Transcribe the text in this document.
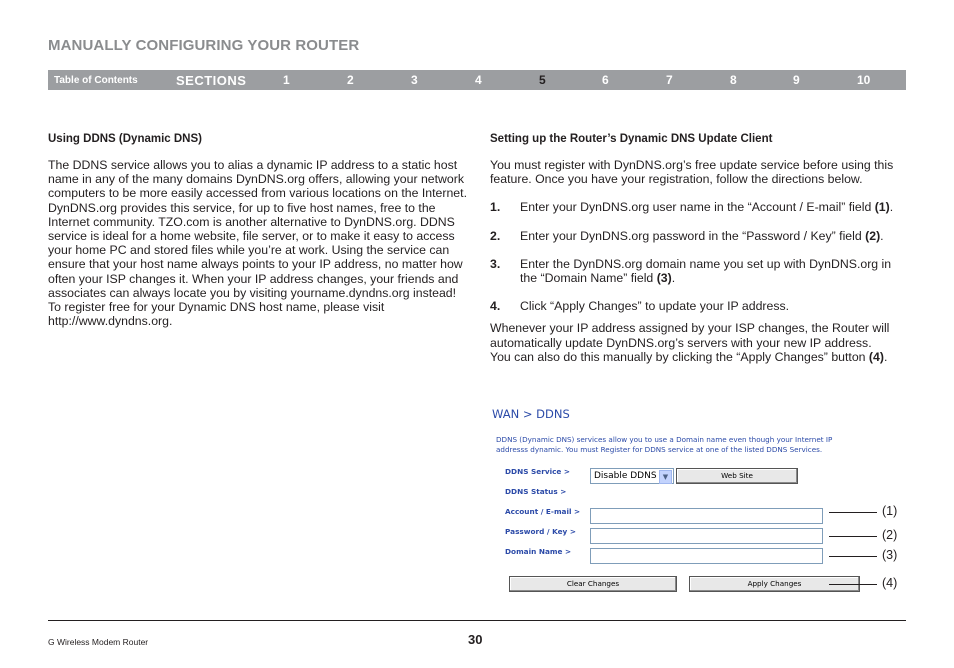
MANUALLY CONFIGURING YOUR ROUTER
Table of Contents	SECTIONS	1	2	3	4	5	6	7	8	9	10
Using DDNS (Dynamic DNS)

The DDNS service allows you to alias a dynamic IP address to a static host name in any of the many domains DynDNS.org offers, allowing your network computers to be more easily accessed from various locations on the Internet. DynDNS.org provides this service, for up to five host names, free to the Internet community. TZO.com is another alternative to DynDNS.org. DDNS service is ideal for a home website, file server, or to make it easy to access your home PC and stored files while you’re at work. Using the service can ensure that your host name always points to your IP address, no matter how often your ISP changes it. When your IP address changes, your friends and associates can always locate you by visiting yourname.dyndns.org instead! To register free for your Dynamic DNS host name, please visit http://www.dyndns.org.

Setting up the Router’s Dynamic DNS Update Client

You must register with DynDNS.org’s free update service before using this feature. Once you have your registration, follow the directions below.

1. Enter your DynDNS.org user name in the “Account / E-mail” field (1).
2. Enter your DynDNS.org password in the “Password / Key” field (2).
3. Enter the DynDNS.org domain name you set up with DynDNS.org in the “Domain Name” field (3).
4. Click “Apply Changes” to update your IP address.

Whenever your IP address assigned by your ISP changes, the Router will automatically update DynDNS.org’s servers with your new IP address. You can also do this manually by clicking the “Apply Changes” button (4).

WAN > DDNS
DDNS (Dynamic DNS) services allow you to use a Domain name even though your Internet IP addresss dynamic. You must Register for DDNS service at one of the listed DDNS Services.
DDNS Service >	Disable DDNS ▼	Web Site
DDNS Status >
Account / E-mail >
Password / Key >
Domain Name >
Clear Changes	Apply Changes
(1)
(2)
(3)
(4)
G Wireless Modem Router	30
